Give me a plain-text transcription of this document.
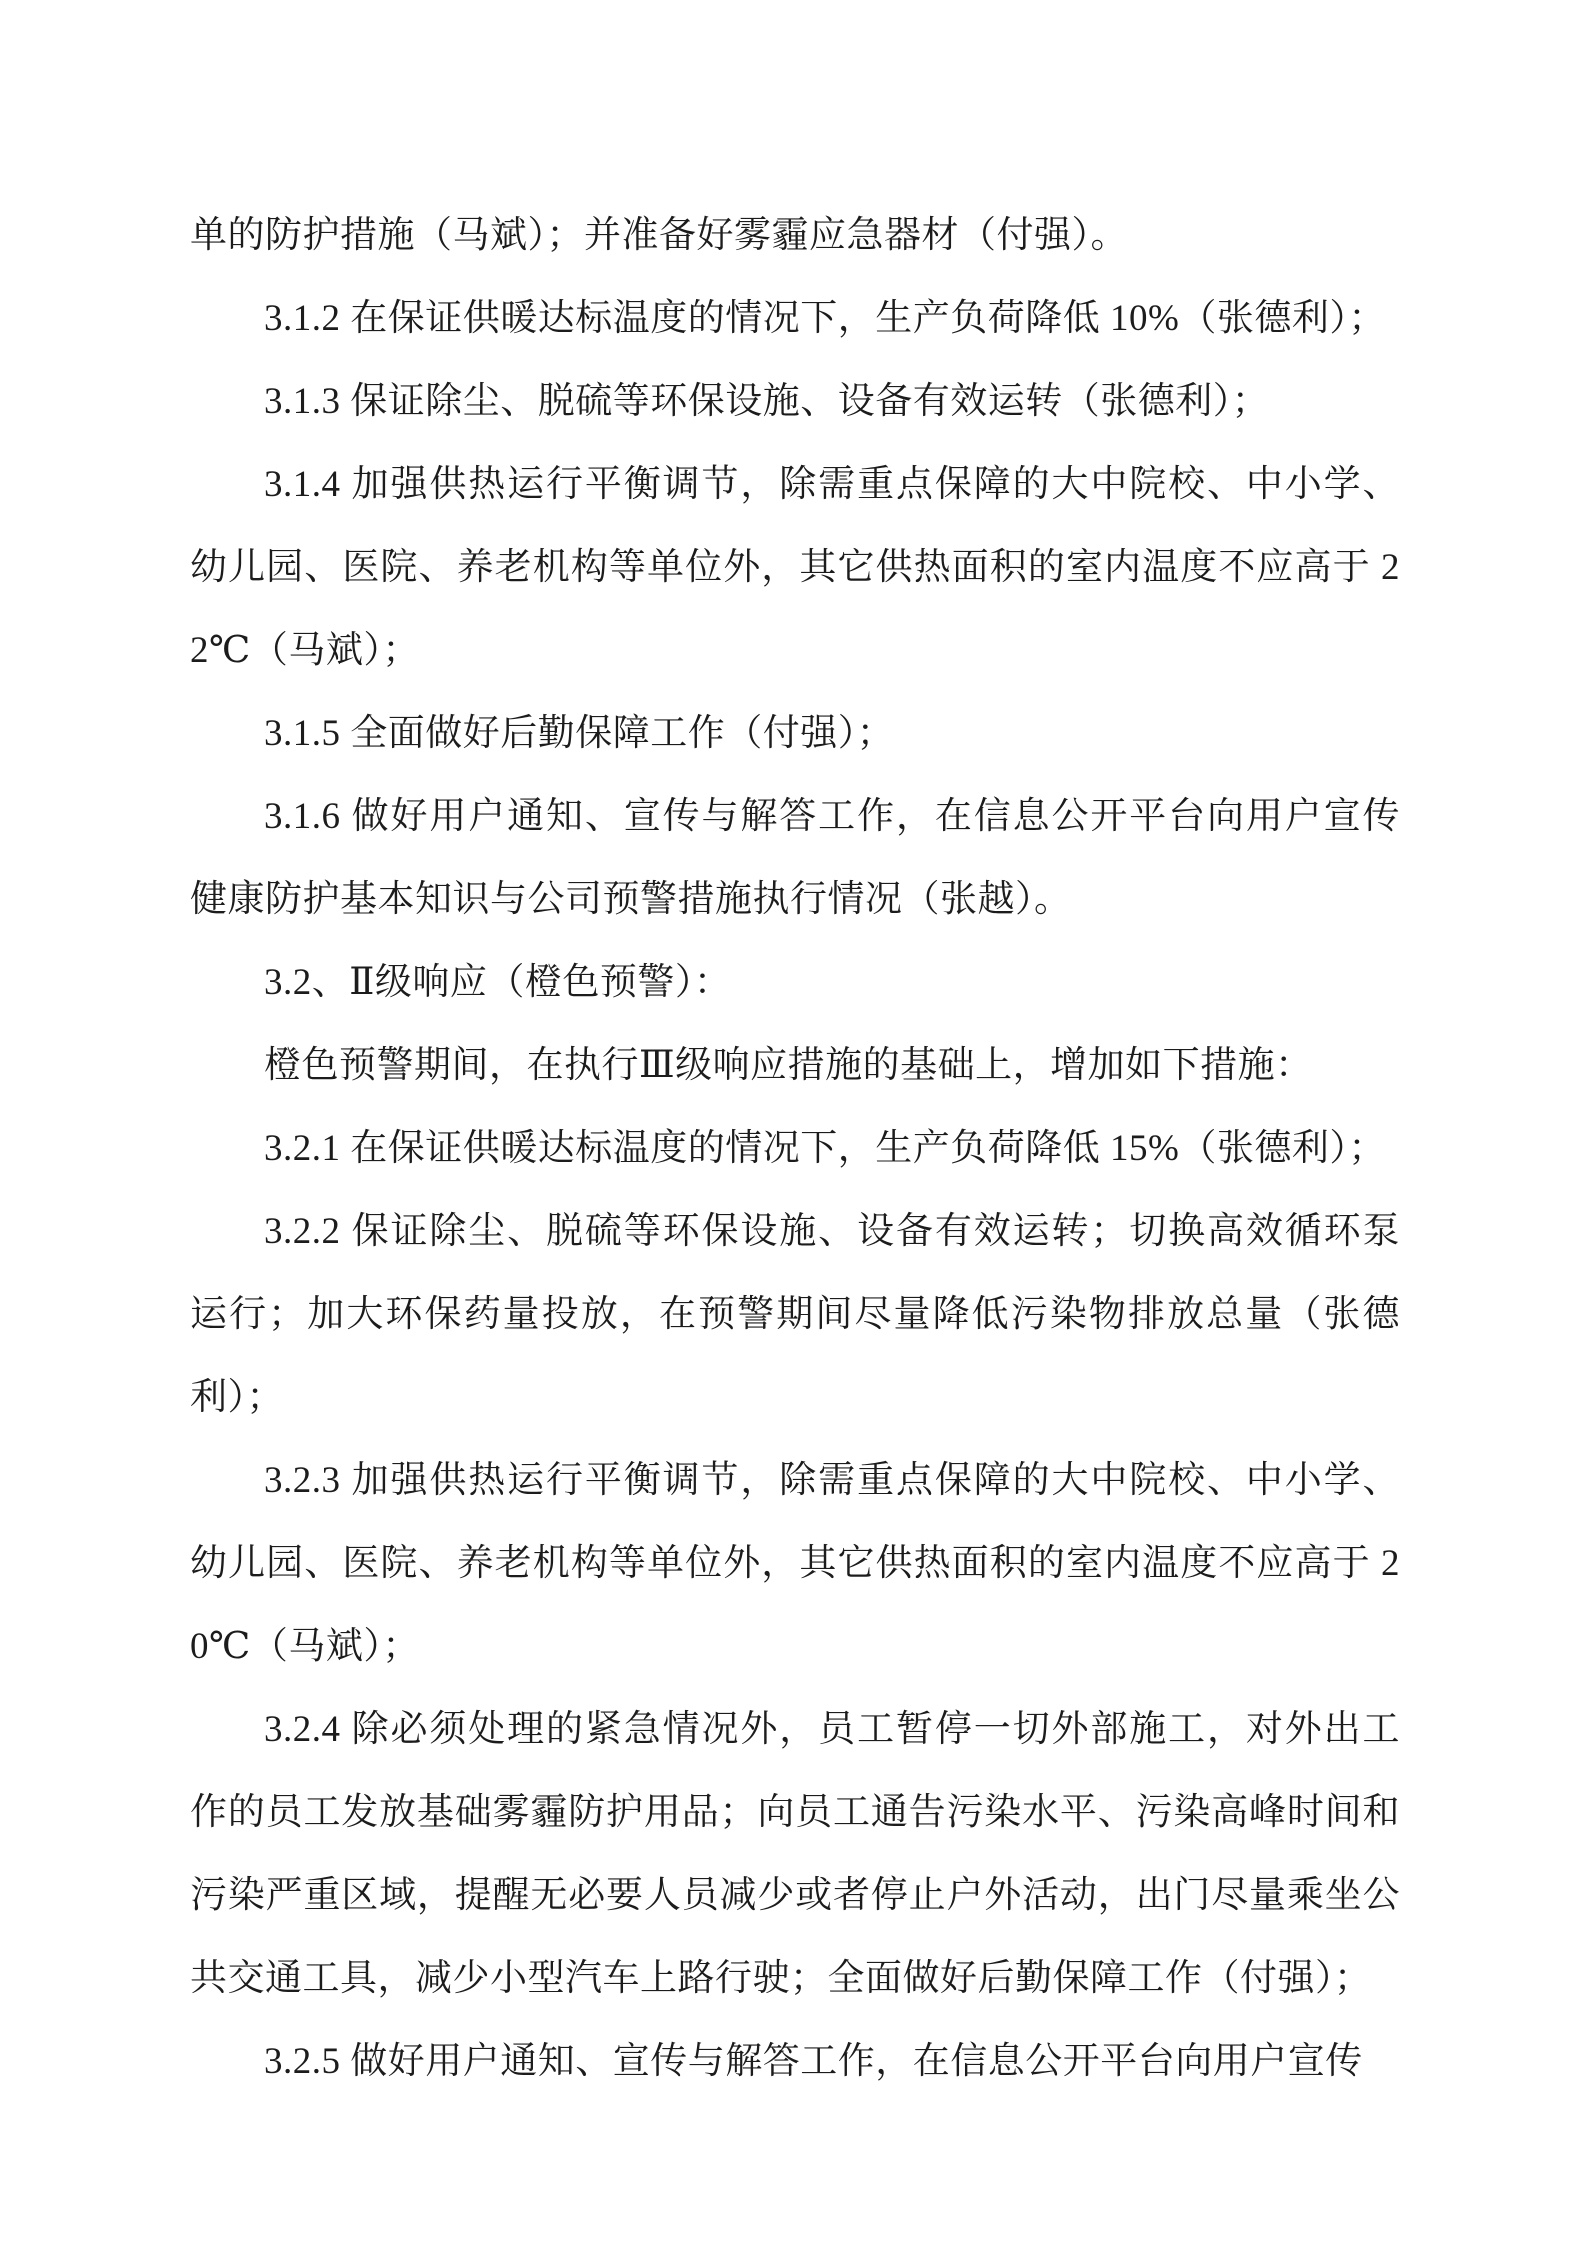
单的防护措施（马斌）；并准备好雾霾应急器材（付强）。

3.1.2 在保证供暖达标温度的情况下，生产负荷降低 10%（张德利）；

3.1.3 保证除尘、脱硫等环保设施、设备有效运转（张德利）；

3.1.4 加强供热运行平衡调节，除需重点保障的大中院校、中小学、幼儿园、医院、养老机构等单位外，其它供热面积的室内温度不应高于 22℃（马斌）；

3.1.5 全面做好后勤保障工作（付强）；

3.1.6 做好用户通知、宣传与解答工作，在信息公开平台向用户宣传健康防护基本知识与公司预警措施执行情况（张越）。

3.2、Ⅱ级响应（橙色预警）：

橙色预警期间，在执行Ⅲ级响应措施的基础上，增加如下措施：

3.2.1 在保证供暖达标温度的情况下，生产负荷降低 15%（张德利）；

3.2.2 保证除尘、脱硫等环保设施、设备有效运转；切换高效循环泵运行；加大环保药量投放，在预警期间尽量降低污染物排放总量（张德利）；

3.2.3 加强供热运行平衡调节，除需重点保障的大中院校、中小学、幼儿园、医院、养老机构等单位外，其它供热面积的室内温度不应高于 20℃（马斌）；

3.2.4 除必须处理的紧急情况外，员工暂停一切外部施工，对外出工作的员工发放基础雾霾防护用品；向员工通告污染水平、污染高峰时间和污染严重区域，提醒无必要人员减少或者停止户外活动，出门尽量乘坐公共交通工具，减少小型汽车上路行驶；全面做好后勤保障工作（付强）；

3.2.5 做好用户通知、宣传与解答工作，在信息公开平台向用户宣传
